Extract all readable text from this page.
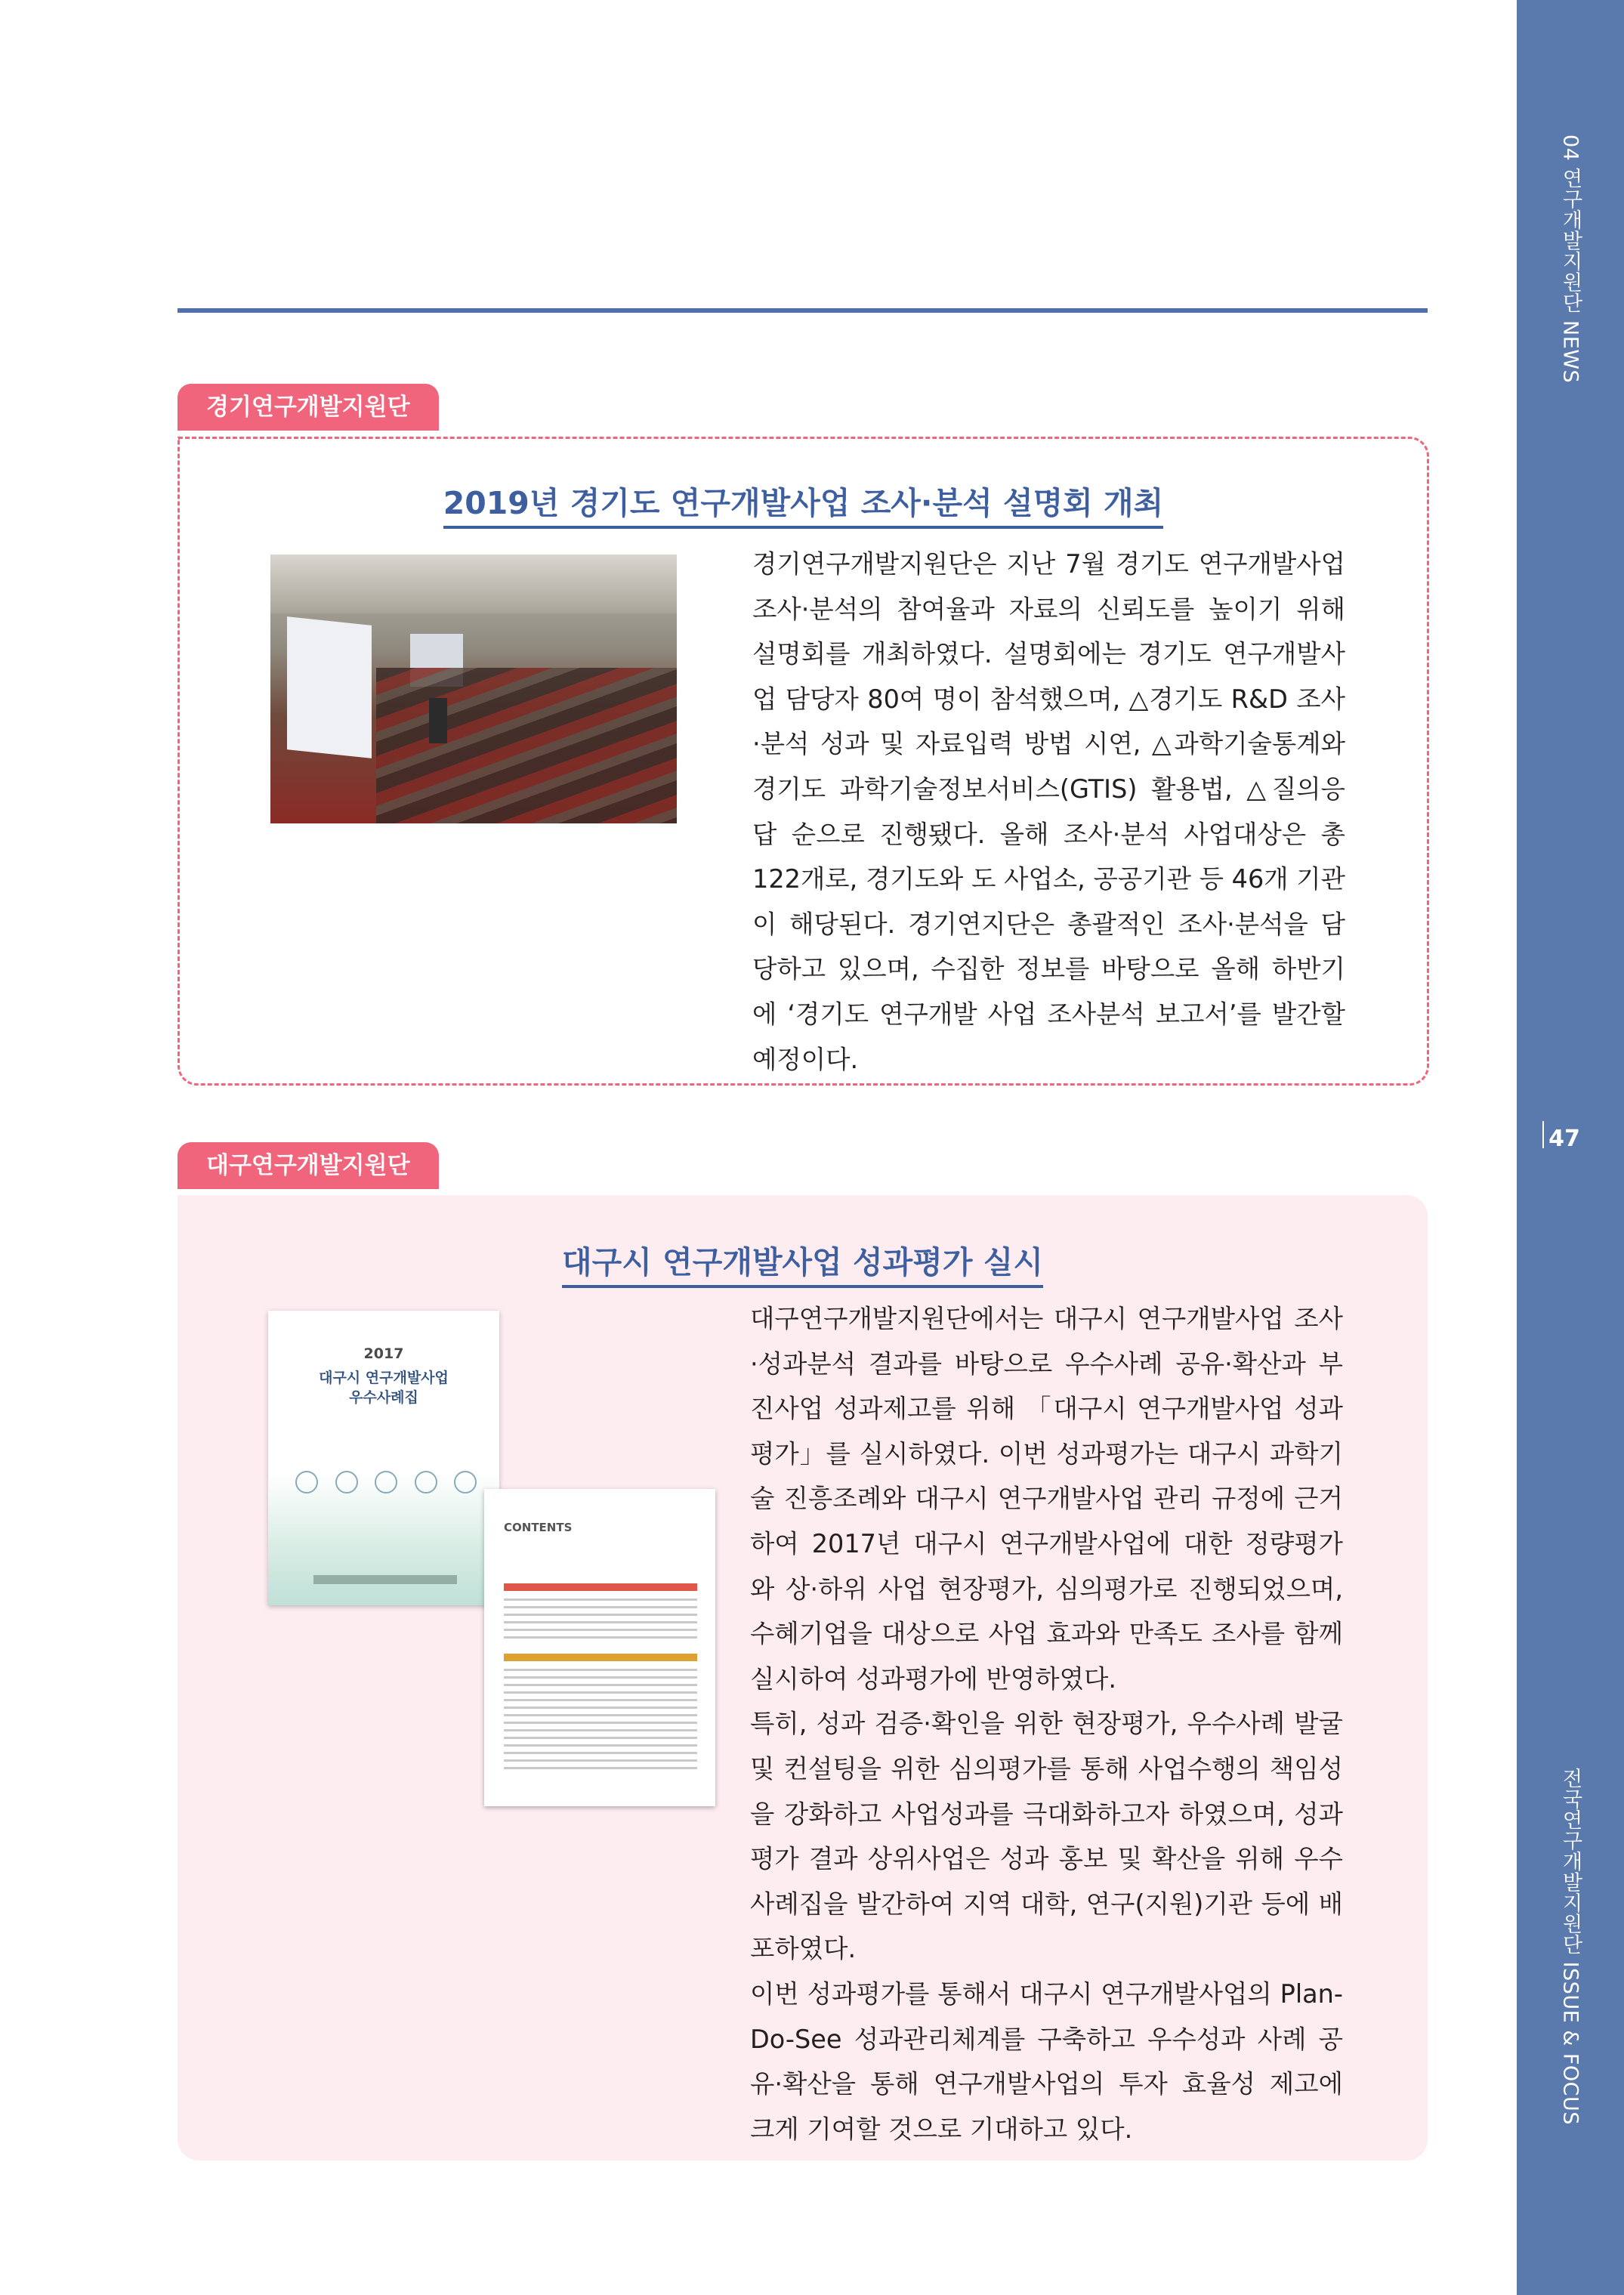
04 연구개발지원단 NEWS
전국연구개발지원단 ISSUE & FOCUS
47
경기연구개발지원단
2019년 경기도 연구개발사업 조사·분석 설명회 개최

경기연구개발지원단은 지난 7월 경기도 연구개발사업 조사·분석의 참여율과 자료의 신뢰도를 높이기 위해 설명회를 개최하였다. 설명회에는 경기도 연구개발사업 담당자 80여 명이 참석했으며, △경기도 R&D 조사·분석 성과 및 자료입력 방법 시연, △과학기술통계와 경기도 과학기술정보서비스(GTIS) 활용법, △질의응답 순으로 진행됐다. 올해 조사·분석 사업대상은 총 122개로, 경기도와 도 사업소, 공공기관 등 46개 기관이 해당된다. 경기연지단은 총괄적인 조사·분석을 담당하고 있으며, 수집한 정보를 바탕으로 올해 하반기에 ‘경기도 연구개발 사업 조사분석 보고서’를 발간할 예정이다.

대구연구개발지원단
대구시 연구개발사업 성과평가 실시
2017
대구시 연구개발사업
우수사례집
CONTENTS

대구연구개발지원단에서는 대구시 연구개발사업 조사·성과분석 결과를 바탕으로 우수사례 공유·확산과 부진사업 성과제고를 위해 「대구시 연구개발사업 성과 평가」를 실시하였다. 이번 성과평가는 대구시 과학기술 진흥조례와 대구시 연구개발사업 관리 규정에 근거하여 2017년 대구시 연구개발사업에 대한 정량평가와 상·하위 사업 현장평가, 심의평가로 진행되었으며, 수혜기업을 대상으로 사업 효과와 만족도 조사를 함께 실시하여 성과평가에 반영하였다.

특히, 성과 검증·확인을 위한 현장평가, 우수사례 발굴 및 컨설팅을 위한 심의평가를 통해 사업수행의 책임성을 강화하고 사업성과를 극대화하고자 하였으며, 성과평가 결과 상위사업은 성과 홍보 및 확산을 위해 우수사례집을 발간하여 지역 대학, 연구(지원)기관 등에 배포하였다.

이번 성과평가를 통해서 대구시 연구개발사업의 Plan-Do-See 성과관리체계를 구축하고 우수성과 사례 공유·확산을 통해 연구개발사업의 투자 효율성 제고에 크게 기여할 것으로 기대하고 있다.
